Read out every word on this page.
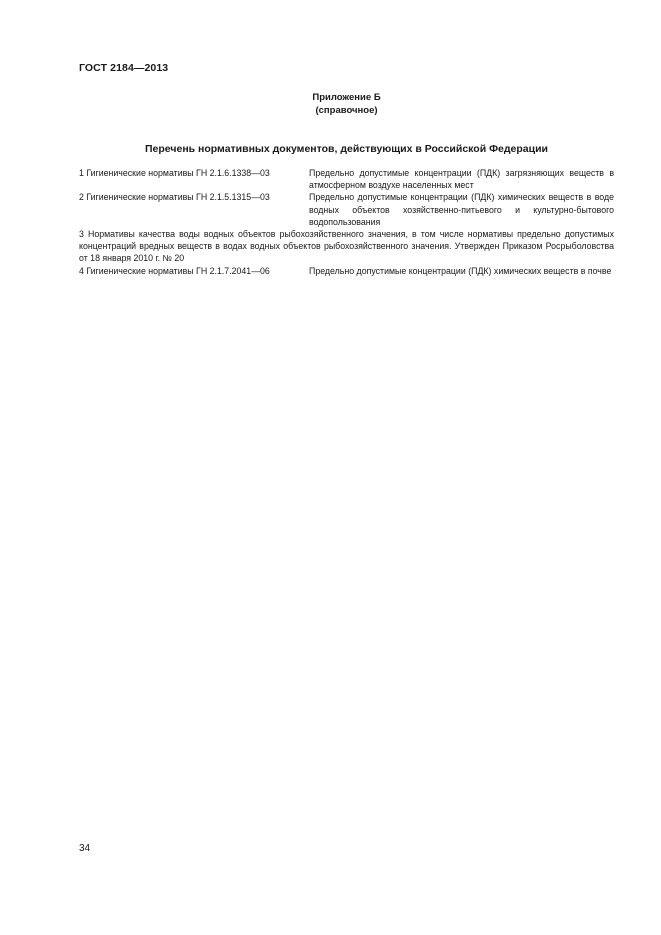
ГОСТ 2184—2013
Приложение Б
(справочное)
Перечень нормативных документов, действующих в Российской Федерации
1 Гигиенические нормативы ГН 2.1.6.1338—03	Предельно допустимые концентрации (ПДК) загрязняющих веществ в атмосферном воздухе населенных мест
2 Гигиенические нормативы ГН 2.1.5.1315—03	Предельно допустимые концентрации (ПДК) химических веществ в воде водных объектов хозяйственно-питьевого и культурно-бытового водопользования
3 Нормативы качества воды водных объектов рыбохозяйственного значения, в том числе нормативы предельно допустимых концентраций вредных веществ в водах водных объектов рыбохозяйственного значения. Утвержден Приказом Росрыболовства от 18 января 2010 г. № 20
4 Гигиенические нормативы ГН 2.1.7.2041—06	Предельно допустимые концентрации (ПДК) химических веществ в почве
34
